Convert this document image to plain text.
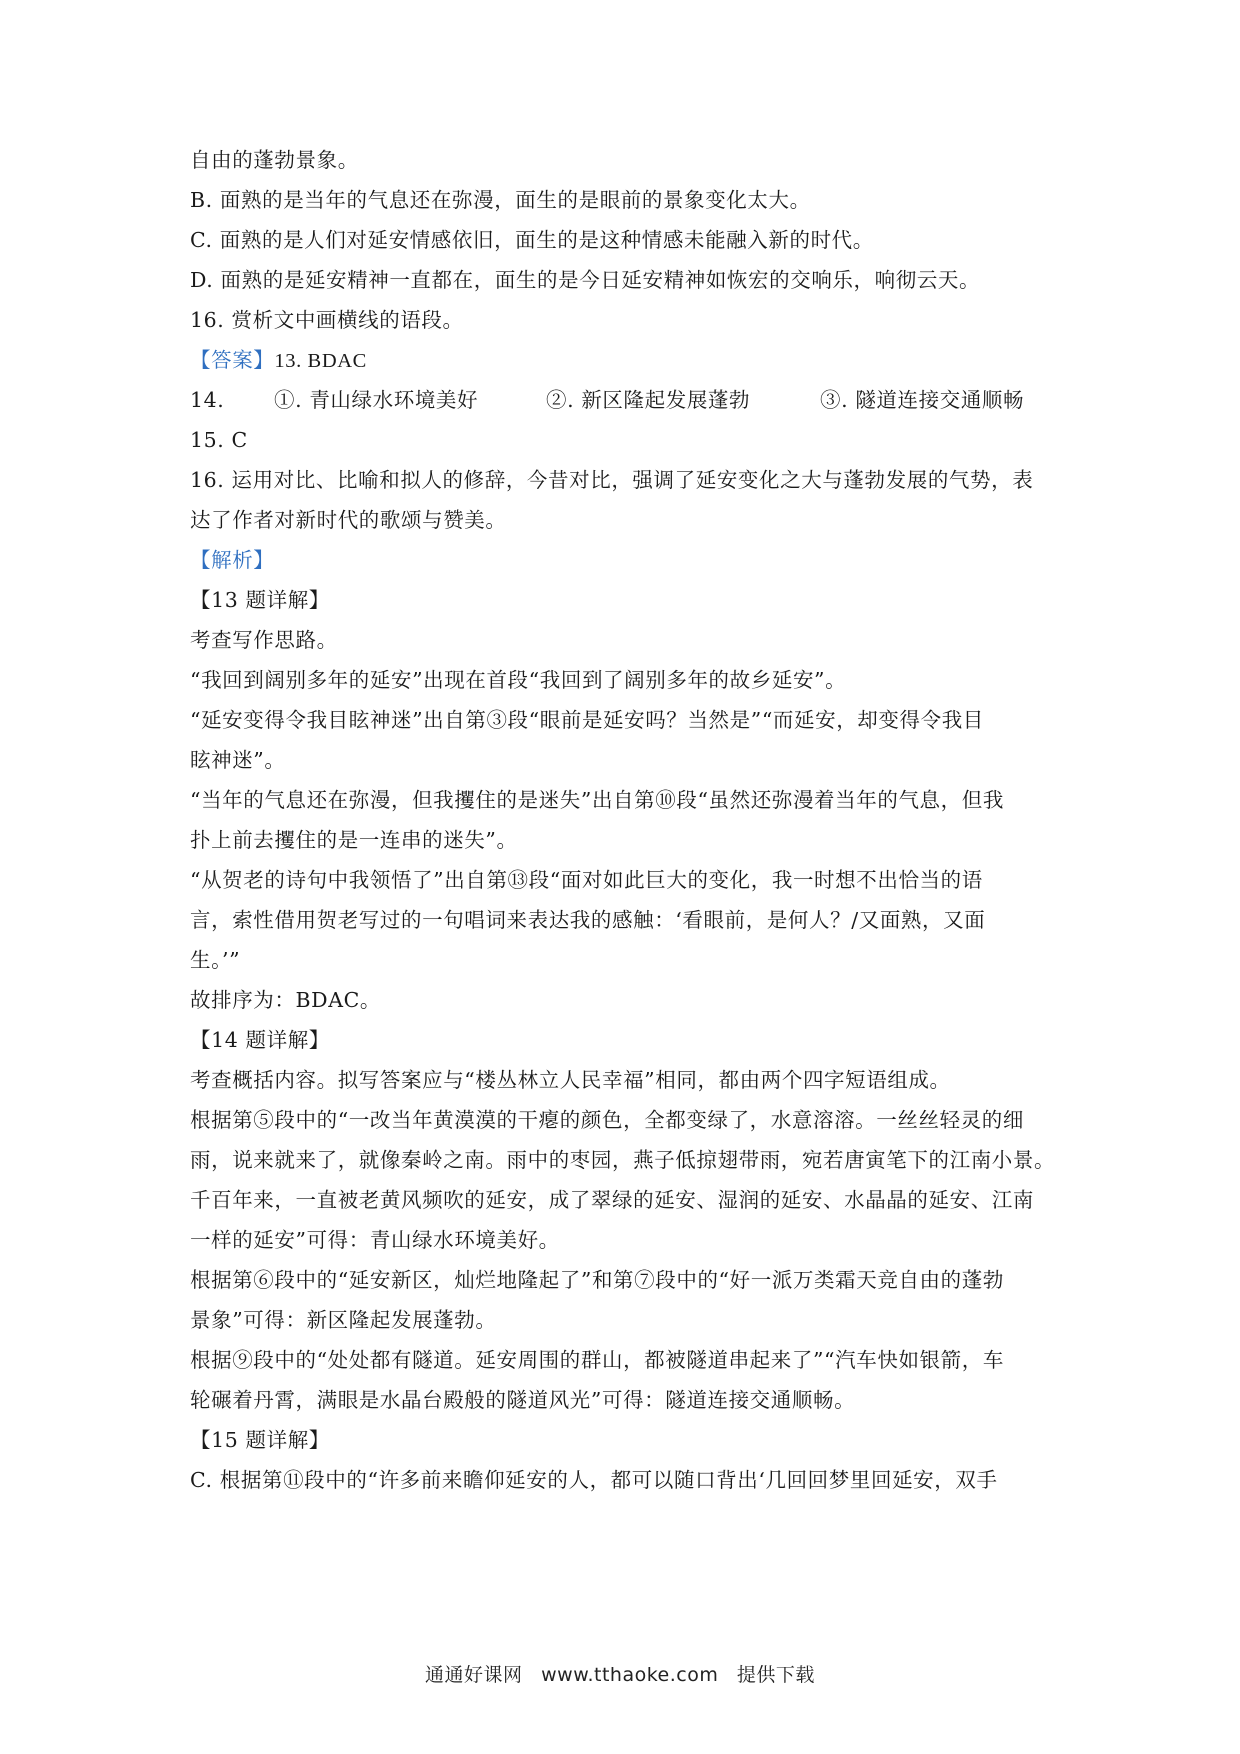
自由的蓬勃景象。
B. 面熟的是当年的气息还在弥漫，面生的是眼前的景象变化太大。
C. 面熟的是人们对延安情感依旧，面生的是这种情感未能融入新的时代。
D. 面熟的是延安精神一直都在，面生的是今日延安精神如恢宏的交响乐，响彻云天。
16. 赏析文中画横线的语段。
【答案】13. BDAC
14. ①. 青山绿水环境美好	②. 新区隆起发展蓬勃	③. 隧道连接交通顺畅
15. C
16. 运用对比、比喻和拟人的修辞，今昔对比，强调了延安变化之大与蓬勃发展的气势，表
达了作者对新时代的歌颂与赞美。
【解析】
【13 题详解】
考查写作思路。
“我回到阔别多年的延安”出现在首段“我回到了阔别多年的故乡延安”。
“延安变得令我目眩神迷”出自第③段“眼前是延安吗？当然是”“而延安，却变得令我目
眩神迷”。
“当年的气息还在弥漫，但我攫住的是迷失”出自第⑩段“虽然还弥漫着当年的气息，但我
扑上前去攫住的是一连串的迷失”。
“从贺老的诗句中我领悟了”出自第⑬段“面对如此巨大的变化，我一时想不出恰当的语
言，索性借用贺老写过的一句唱词来表达我的感触：‘看眼前，是何人？/又面熟，又面
生。’”
故排序为：BDAC。
【14 题详解】
考查概括内容。拟写答案应与“楼丛林立人民幸福”相同，都由两个四字短语组成。
根据第⑤段中的“一改当年黄漠漠的干瘪的颜色，全都变绿了，水意溶溶。一丝丝轻灵的细
雨，说来就来了，就像秦岭之南。雨中的枣园，燕子低掠翅带雨，宛若唐寅笔下的江南小景。
千百年来，一直被老黄风频吹的延安，成了翠绿的延安、湿润的延安、水晶晶的延安、江南
一样的延安”可得：青山绿水环境美好。
根据第⑥段中的“延安新区，灿烂地隆起了”和第⑦段中的“好一派万类霜天竞自由的蓬勃
景象”可得：新区隆起发展蓬勃。
根据⑨段中的“处处都有隧道。延安周围的群山，都被隧道串起来了”“汽车快如银箭，车
轮碾着丹霄，满眼是水晶台殿般的隧道风光”可得：隧道连接交通顺畅。
【15 题详解】
C. 根据第⑪段中的“许多前来瞻仰延安的人，都可以随口背出‘几回回梦里回延安，双手
通通好课网 www.tthaoke.com 提供下载
